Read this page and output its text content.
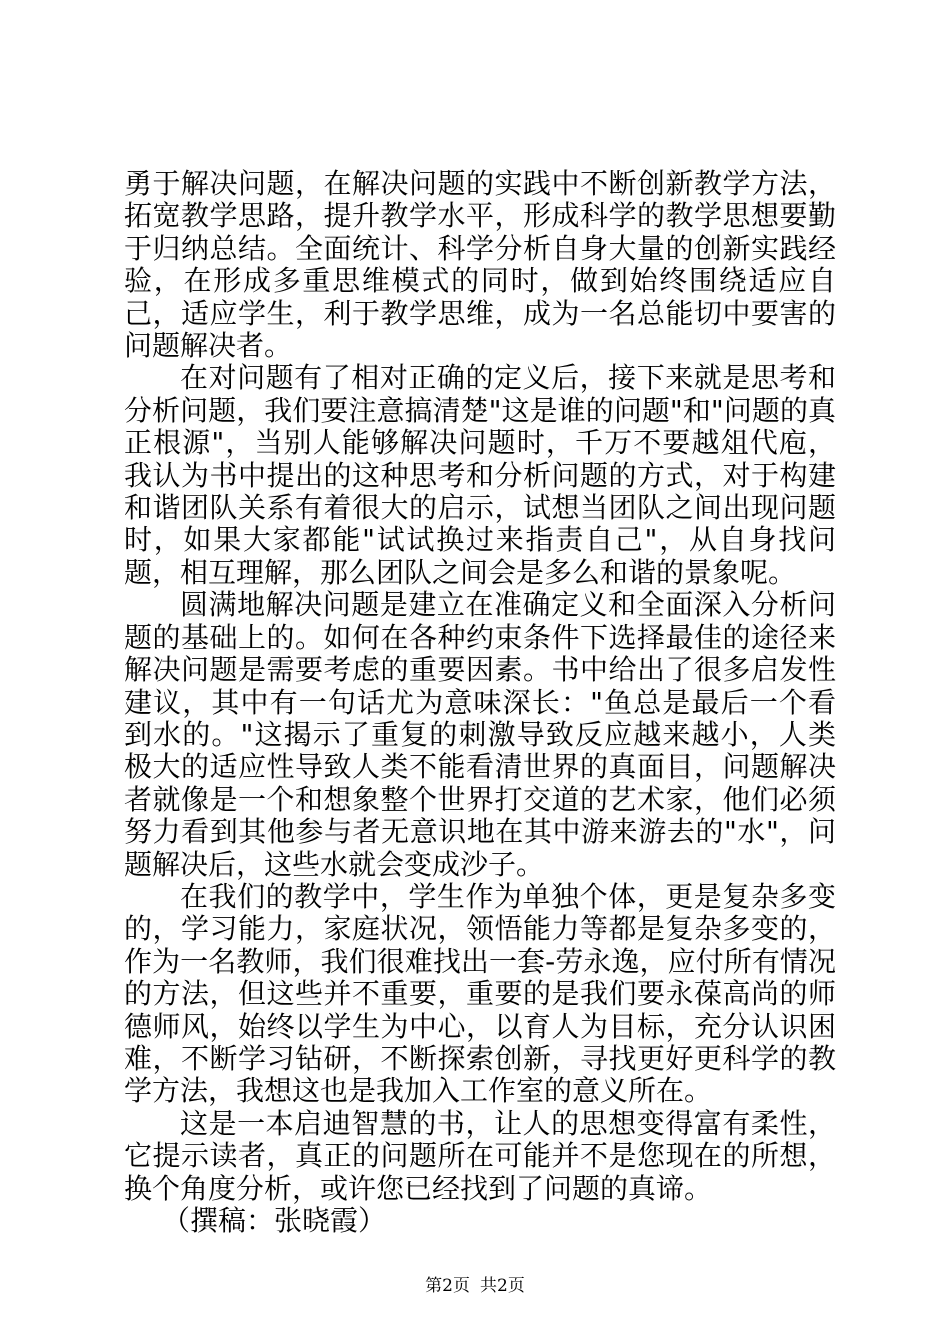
勇于解决问题，在解决问题的实践中不断创新教学方法，拓宽教学思路，提升教学水平，形成科学的教学思想要勤于归纳总结。全面统计、科学分析自身大量的创新实践经验，在形成多重思维模式的同时，做到始终围绕适应自己，适应学生，利于教学思维，成为一名总能切中要害的问题解决者。

在对问题有了相对正确的定义后，接下来就是思考和分析问题，我们要注意搞清楚"这是谁的问题"和"问题的真正根源"，当别人能够解决问题时，千万不要越俎代庖，我认为书中提出的这种思考和分析问题的方式，对于构建和谐团队关系有着很大的启示，试想当团队之间出现问题时，如果大家都能"试试换过来指责自己"，从自身找问题，相互理解，那么团队之间会是多么和谐的景象呢。

圆满地解决问题是建立在准确定义和全面深入分析问题的基础上的。如何在各种约束条件下选择最佳的途径来解决问题是需要考虑的重要因素。书中给出了很多启发性建议，其中有一句话尤为意味深长："鱼总是最后一个看到水的。"这揭示了重复的刺激导致反应越来越小，人类极大的适应性导致人类不能看清世界的真面目，问题解决者就像是一个和想象整个世界打交道的艺术家，他们必须努力看到其他参与者无意识地在其中游来游去的"水"，问题解决后，这些水就会变成沙子。

在我们的教学中，学生作为单独个体，更是复杂多变的，学习能力，家庭状况，领悟能力等都是复杂多变的，作为一名教师，我们很难找出一套-劳永逸，应付所有情况的方法，但这些并不重要，重要的是我们要永葆高尚的师德师风，始终以学生为中心，以育人为目标，充分认识困难，不断学习钻研，不断探索创新，寻找更好更科学的教学方法，我想这也是我加入工作室的意义所在。

这是一本启迪智慧的书，让人的思想变得富有柔性，它提示读者，真正的问题所在可能并不是您现在的所想，换个角度分析，或许您已经找到了问题的真谛。

（撰稿：张晓霞）

第2页 共2页
